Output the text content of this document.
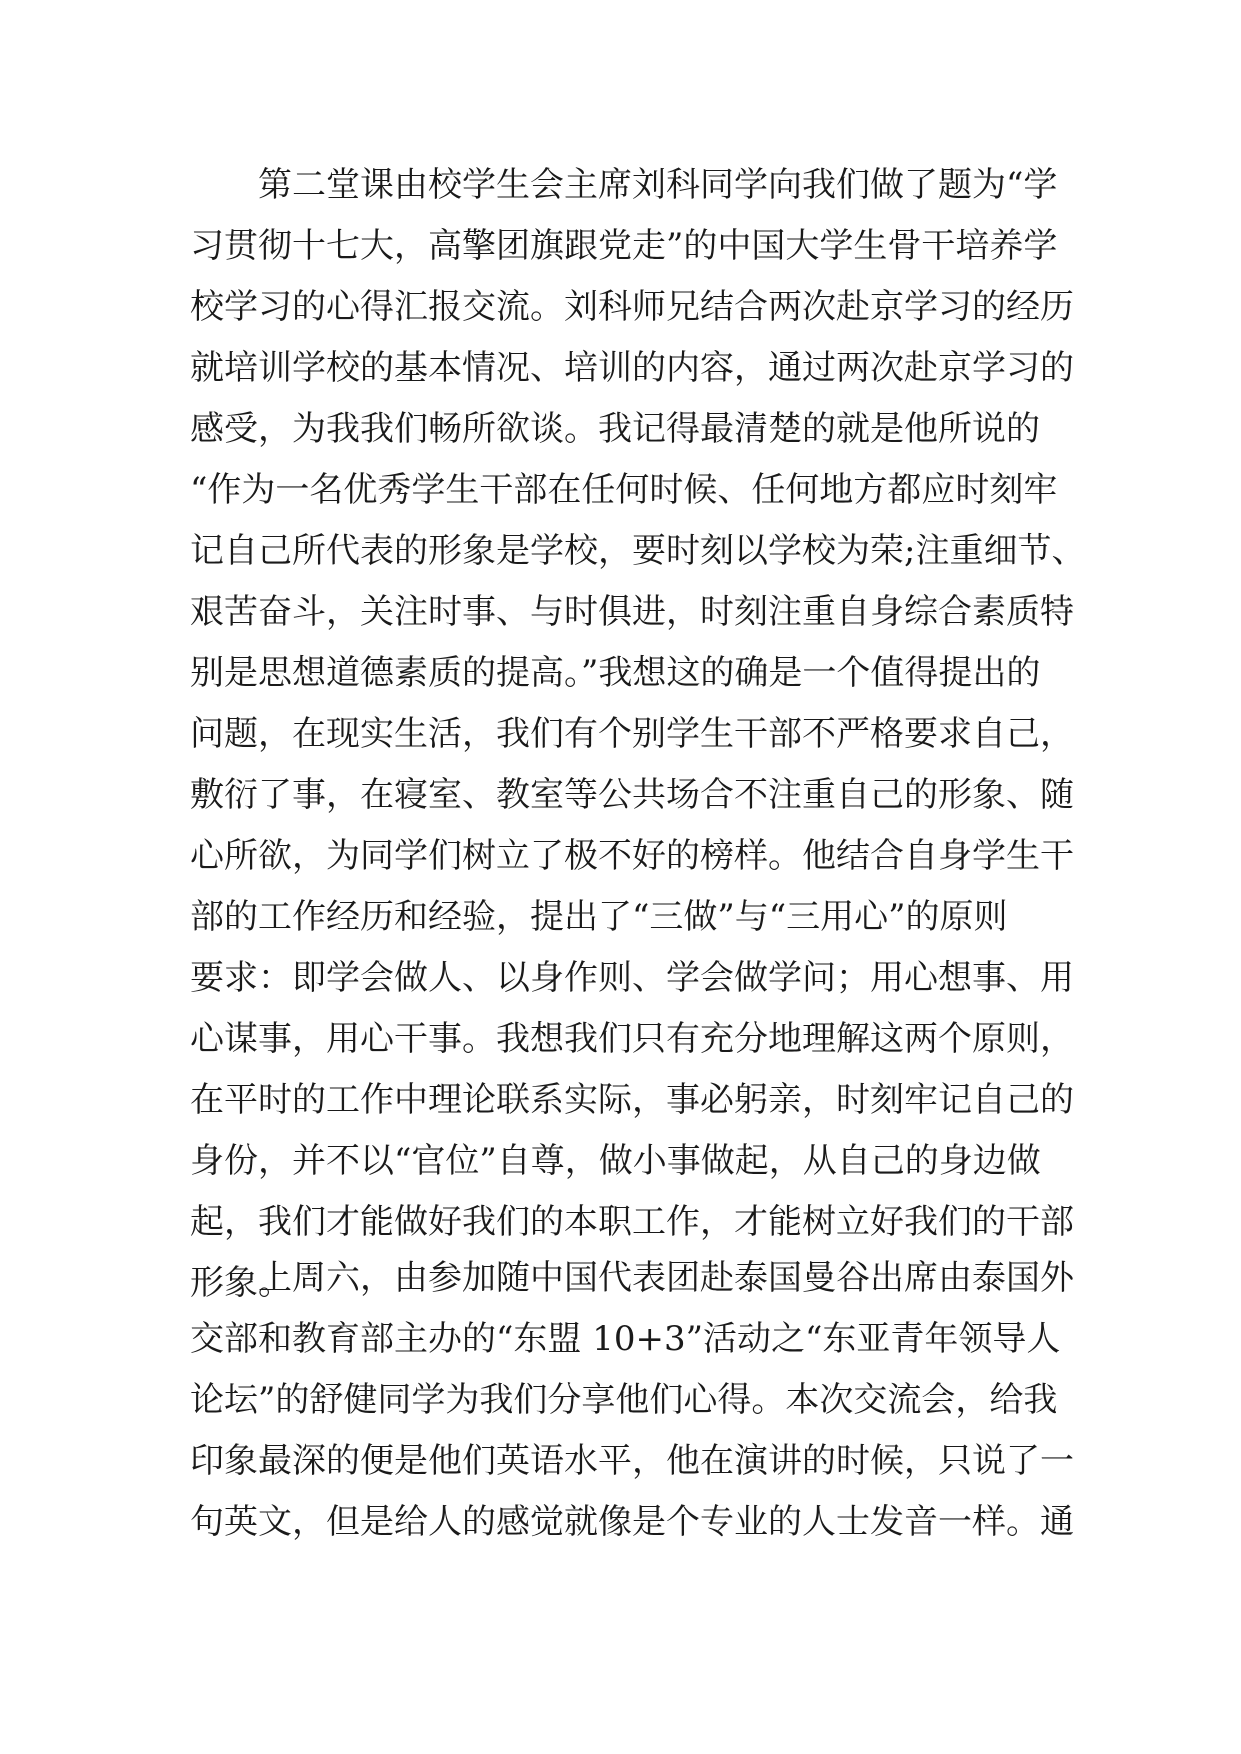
第二堂课由校学生会主席刘科同学向我们做了题为“学
习贯彻十七大，高擎团旗跟党走”的中国大学生骨干培养学
校学习的心得汇报交流。刘科师兄结合两次赴京学习的经历
就培训学校的基本情况、培训的内容，通过两次赴京学习的
感受，为我我们畅所欲谈。我记得最清楚的就是他所说的
“作为一名优秀学生干部在任何时候、任何地方都应时刻牢
记自己所代表的形象是学校，要时刻以学校为荣;注重细节、
艰苦奋斗，关注时事、与时俱进，时刻注重自身综合素质特
别是思想道德素质的提高。”我想这的确是一个值得提出的
问题，在现实生活，我们有个别学生干部不严格要求自己，
敷衍了事，在寝室、教室等公共场合不注重自己的形象、随
心所欲，为同学们树立了极不好的榜样。他结合自身学生干
部的工作经历和经验，提出了“三做”与“三用心”的原则
要求：即学会做人、以身作则、学会做学问；用心想事、用
心谋事，用心干事。我想我们只有充分地理解这两个原则，
在平时的工作中理论联系实际，事必躬亲，时刻牢记自己的
身份，并不以“官位”自尊，做小事做起，从自己的身边做
起，我们才能做好我们的本职工作，才能树立好我们的干部
形象。
上周六，由参加随中国代表团赴泰国曼谷出席由泰国外
交部和教育部主办的“东盟 10+3”活动之“东亚青年领导人
论坛”的舒健同学为我们分享他们心得。本次交流会，给我
印象最深的便是他们英语水平，他在演讲的时候，只说了一
句英文，但是给人的感觉就像是个专业的人士发音一样。通
